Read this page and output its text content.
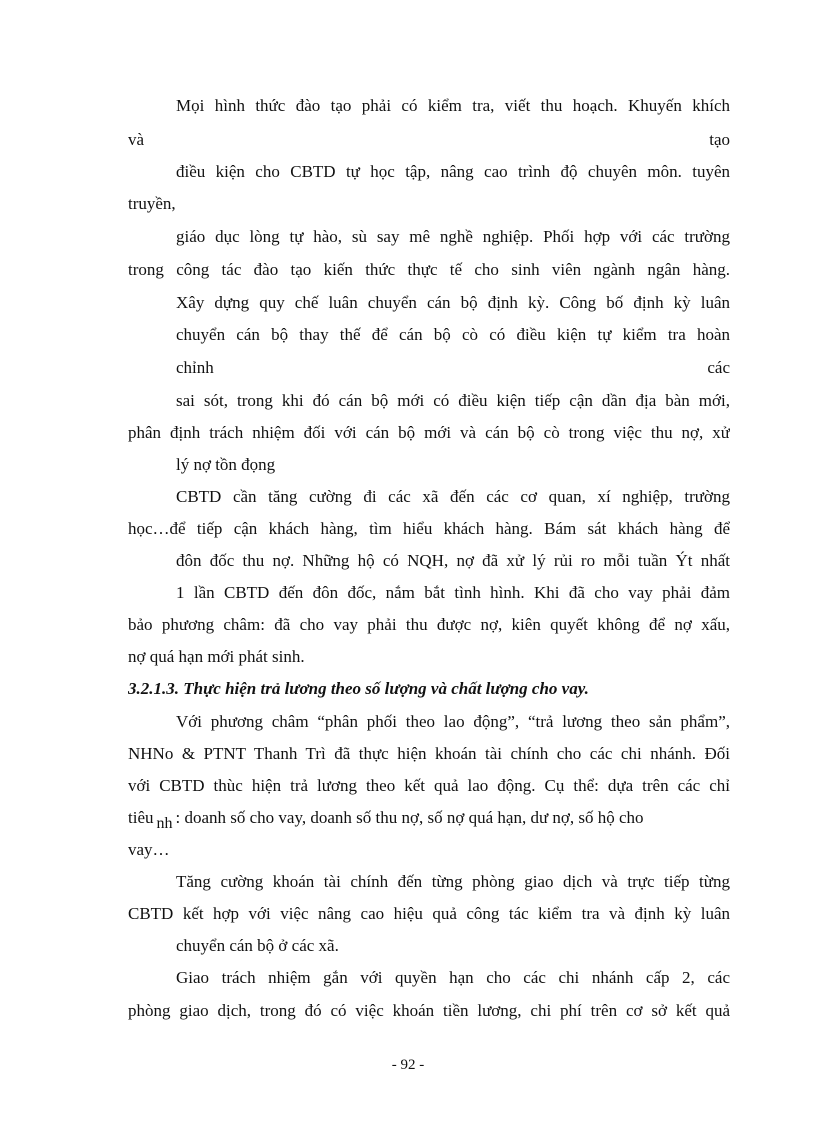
Mọi hình thức đào tạo phải có kiểm tra, viết thu hoạch. Khuyến khích
và	tạo
điều kiện cho CBTD tự học tập, nâng cao trình độ chuyên môn. tuyên
truyền,
giáo dục lòng tự hào, sù say mê nghề nghiệp. Phối hợp với các trường
trong công tác đào tạo kiến thức thực tế cho sinh viên ngành ngân hàng.
Xây dựng quy chế luân chuyển cán bộ định kỳ. Công bố định kỳ luân
chuyển cán bộ thay thế để cán bộ cò có điều kiện tự kiểm tra hoàn
chỉnh	các
sai sót, trong khi đó cán bộ mới có điều kiện tiếp cận dần địa bàn mới,
phân định trách nhiệm đối với cán bộ mới và cán bộ cò trong việc thu nợ, xử
lý nợ tồn đọng
CBTD cần tăng cường đi các xã đến các cơ quan, xí nghiệp, trường
học…để tiếp cận khách hàng, tìm hiểu khách hàng. Bám sát khách hàng để
đôn đốc thu nợ. Những hộ có NQH, nợ đã xử lý rủi ro mỗi tuần Ýt nhất
1 lần CBTD đến đôn đốc, nắm bắt tình hình. Khi đã cho vay phải đảm
bảo phương châm: đã cho vay phải thu được nợ, kiên quyết không để nợ xấu,
nợ quá hạn mới phát sinh.
3.2.1.3. Thực hiện trả lương theo số lượng và chất lượng cho vay.
Với phương châm “phân phối theo lao động”, “trả lương theo sản phẩm”,
NHNo & PTNT Thanh Trì đã thực hiện khoán tài chính cho các chi nhánh. Đối
với CBTD thùc hiện trả lương theo kết quả lao động. Cụ thể: dựa trên các chỉ
tiêu nh : doanh số cho vay, doanh số thu nợ, số nợ quá hạn, dư nợ, số hộ cho
vay…
Tăng cường khoán tài chính đến từng phòng giao dịch và trực tiếp từng
CBTD kết hợp với việc nâng cao hiệu quả công tác kiểm tra và định kỳ luân
chuyển cán bộ ở các xã.
Giao trách nhiệm gắn với quyền hạn cho các chi nhánh cấp 2, các
phòng giao dịch, trong đó có việc khoán tiền lương, chi phí trên cơ sở kết quả
- 92 -
